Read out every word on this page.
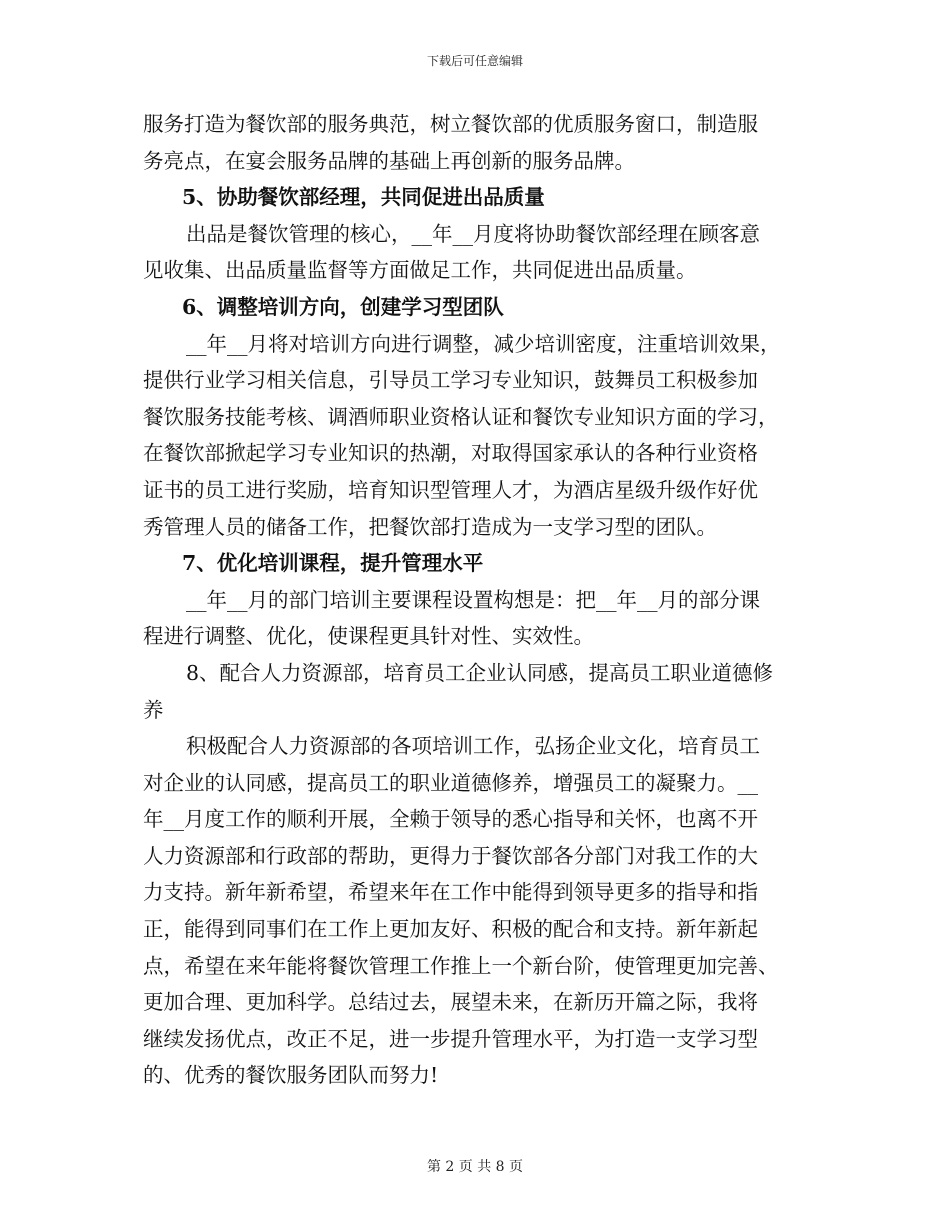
下载后可任意编辑
服务打造为餐饮部的服务典范，树立餐饮部的优质服务窗口，制造服
务亮点，在宴会服务品牌的基础上再创新的服务品牌。
5、协助餐饮部经理，共同促进出品质量
出品是餐饮管理的核心，__年__月度将协助餐饮部经理在顾客意
见收集、出品质量监督等方面做足工作，共同促进出品质量。
6、调整培训方向，创建学习型团队
__年__月将对培训方向进行调整，减少培训密度，注重培训效果，
提供行业学习相关信息，引导员工学习专业知识，鼓舞员工积极参加
餐饮服务技能考核、调酒师职业资格认证和餐饮专业知识方面的学习，
在餐饮部掀起学习专业知识的热潮，对取得国家承认的各种行业资格
证书的员工进行奖励，培育知识型管理人才，为酒店星级升级作好优
秀管理人员的储备工作，把餐饮部打造成为一支学习型的团队。
7、优化培训课程，提升管理水平
__年__月的部门培训主要课程设置构想是：把__年__月的部分课
程进行调整、优化，使课程更具针对性、实效性。
8、配合人力资源部，培育员工企业认同感，提高员工职业道德修
养
积极配合人力资源部的各项培训工作，弘扬企业文化，培育员工
对企业的认同感，提高员工的职业道德修养，增强员工的凝聚力。__
年__月度工作的顺利开展，全赖于领导的悉心指导和关怀，也离不开
人力资源部和行政部的帮助，更得力于餐饮部各分部门对我工作的大
力支持。新年新希望，希望来年在工作中能得到领导更多的指导和指
正，能得到同事们在工作上更加友好、积极的配合和支持。新年新起
点，希望在来年能将餐饮管理工作推上一个新台阶，使管理更加完善、
更加合理、更加科学。总结过去，展望未来，在新历开篇之际，我将
继续发扬优点，改正不足，进一步提升管理水平，为打造一支学习型
的、优秀的餐饮服务团队而努力!
第 2 页 共 8 页
